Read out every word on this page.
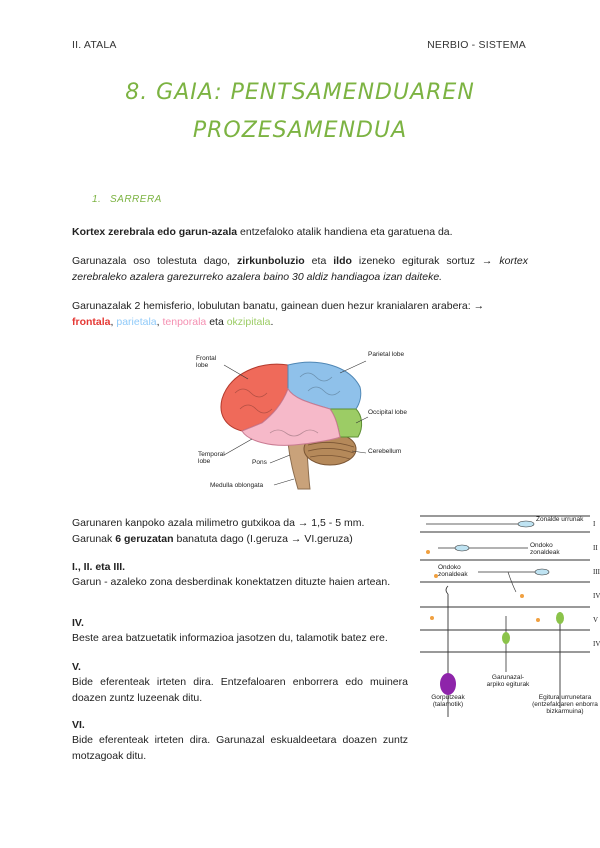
II. ATALA	NERBIO - SISTEMA
8. GAIA: PENTSAMENDUAREN
PROZESAMENDUA
1. SARRERA
Kortex zerebrala edo garun-azala entzefaloko atalik handiena eta garatuena da.
Garunazala oso tolestuta dago, zirkunboluzio eta ildo izeneko egiturak sortuz → kortex zerebraleko azalera garezurreko azalera baino 30 aldiz handiagoa izan daiteke.
Garunazalak 2 hemisferio, lobulutan banatu, gainean duen hezur kranialaren arabera: →
frontala, parietala, tenporala eta okzipitala.
Frontal lobe
Parietal lobe
Occipital lobe
Temporal lobe	Pons
Cerebellum
Medulla oblongata
Garunaren kanpoko azala milimetro gutxikoa da → 1,5 - 5 mm.
Garunak 6 geruzatan banatuta dago (I.geruza → VI.geruza)
I., II. eta III.
Garun - azaleko zona desberdinak konektatzen dituzte haien artean.
IV.
Beste area batzuetatik informazioa jasotzen du, talamotik batez ere.
V.
Bide eferenteak irteten dira. Entzefaloaren enborrera edo muinera doazen zuntz luzeenak ditu.
VI.
Bide eferenteak irteten dira. Garunazal eskualdeetara doazen zuntz motzagoak ditu.
I
II
III
IV
V
IV
Zonalde urrunak
Ondoko zonaldeak
Ondoko zonaldeak
Gorputzeak (talamotik)
Garunazal-arpiko egiturak
Egitura urrunetara (entzefaloaren enborra bizkarmuina)
